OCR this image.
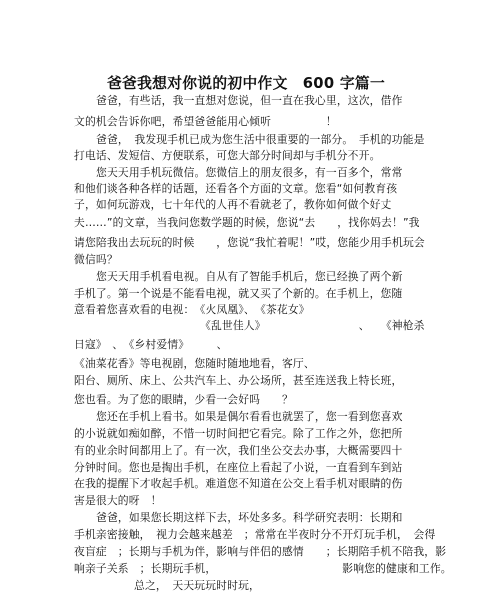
爸爸我想对你说的初中作文　600 字篇一
爸爸，有些话，我一直想对您说，但一直在我心里，这次，借作
文的机会告诉你吧，希望爸爸能用心倾听　　　　　！
爸爸，　我发现手机已成为您生活中很重要的一部分。　手机的功能是
打电话、发短信、方便联系，可您大部分时间却与手机分不开。
您天天用手机玩微信。您微信上的朋友很多，有一百多个，常常
和他们谈各种各样的话题，还看各个方面的文章。您看“如何教育孩
子，如何玩游戏，七十年代的人再不看就老了，教你如何做个好丈
夫……”的文章，当我问您数学题的时候，您说“去　　，找你妈去！”我
请您陪我出去玩玩的时候　　，您说“我忙着呢！”哎，您能少用手机玩会
微信吗？
您天天用手机看电视。自从有了智能手机后，您已经换了两个新
手机了。第一个说是不能看电视，就又买了个新的。在手机上，您随
意看着您喜欢看的电视：　《火凤凰》、　《茶花女》
《乱世佳人》　　　　　　　　　、　　《神枪杀
日寇》　、　《乡村爱情》　　　、
《油菜花香》等电视剧，您随时随地地看，客厅、
阳台、厕所、床上、公共汽车上、办公场所，甚至连送我上特长班，
您也看。为了您的眼睛，少看一会好吗　　？
您还在手机上看书。如果是偶尔看看也就罢了，您一看到您喜欢
的小说就如痴如醉，不惜一切时间把它看完。除了工作之外，您把所
有的业余时间都用上了。有一次，我们坐公交去办事，大概需要四十
分钟时间。您也是掏出手机，在座位上看起了小说，一直看到车到站
在我的提醒下才收起手机。难道您不知道在公交上看手机对眼睛的伤
害是很大的呀　！
爸爸，如果您长期这样下去，坏处多多。科学研究表明：长期和
手机亲密接触，　视力会越来越差　；常常在半夜时分不开灯玩手机，　会得
夜盲症　；长期与手机为伴，影响与伴侣的感情　　；长期陪手机不陪我，影
响亲子关系　；长期玩手机，　　　　　　　　　　　　影响您的健康和工作。
总之，　天天玩玩时时玩，
